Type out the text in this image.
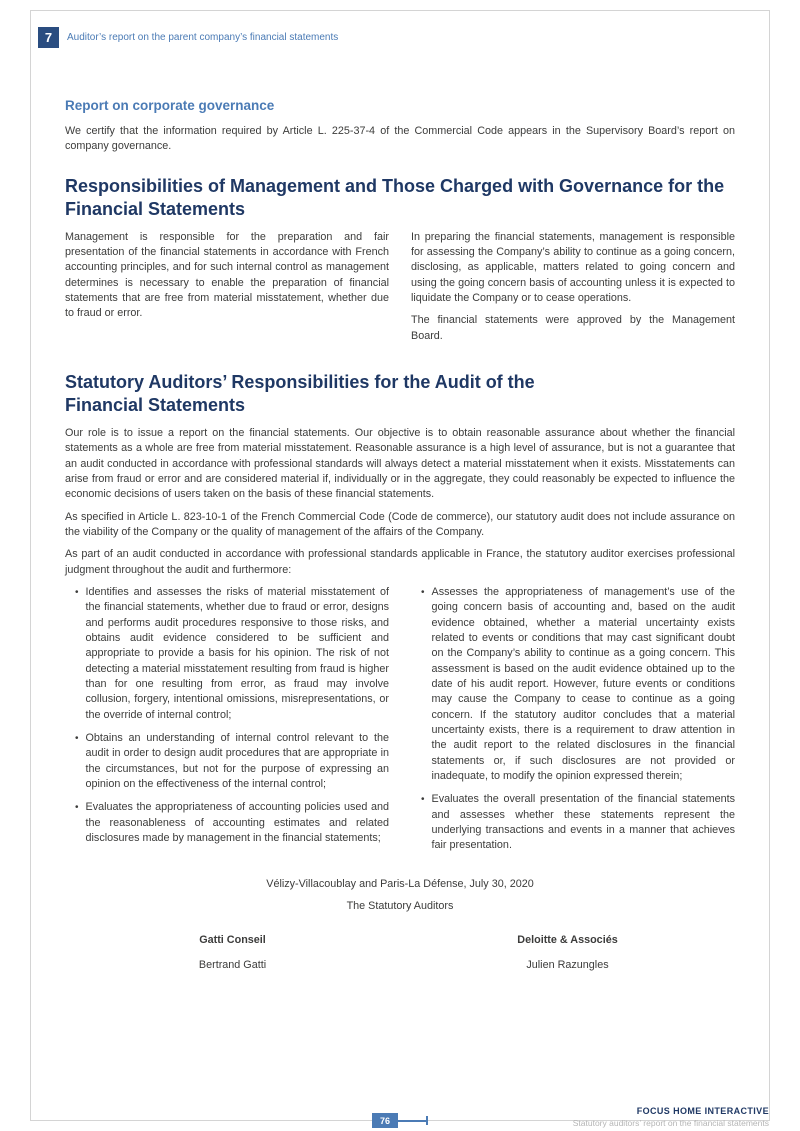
7	Auditor’s report on the parent company’s financial statements
Report on corporate governance

We certify that the information required by Article L. 225-37-4 of the Commercial Code appears in the Supervisory Board’s report on company governance.

Responsibilities of Management and Those Charged with Governance for the Financial Statements

Management is responsible for the preparation and fair presentation of the financial statements in accordance with French accounting principles, and for such internal control as management determines is necessary to enable the preparation of financial statements that are free from material misstatement, whether due to fraud or error.

In preparing the financial statements, management is responsible for assessing the Company’s ability to continue as a going concern, disclosing, as applicable, matters related to going concern and using the going concern basis of accounting unless it is expected to liquidate the Company or to cease operations.

The financial statements were approved by the Management Board.

Statutory Auditors’ Responsibilities for the Audit of the Financial Statements

Our role is to issue a report on the financial statements. Our objective is to obtain reasonable assurance about whether the financial statements as a whole are free from material misstatement. Reasonable assurance is a high level of assurance, but is not a guarantee that an audit conducted in accordance with professional standards will always detect a material misstatement when it exists. Misstatements can arise from fraud or error and are considered material if, individually or in the aggregate, they could reasonably be expected to influence the economic decisions of users taken on the basis of these financial statements.

As specified in Article L. 823-10-1 of the French Commercial Code (Code de commerce), our statutory audit does not include assurance on the viability of the Company or the quality of management of the affairs of the Company.

As part of an audit conducted in accordance with professional standards applicable in France, the statutory auditor exercises professional judgment throughout the audit and furthermore:

• Identifies and assesses the risks of material misstatement of the financial statements, whether due to fraud or error, designs and performs audit procedures responsive to those risks, and obtains audit evidence considered to be sufficient and appropriate to provide a basis for his opinion. The risk of not detecting a material misstatement resulting from fraud is higher than for one resulting from error, as fraud may involve collusion, forgery, intentional omissions, misrepresentations, or the override of internal control;

• Obtains an understanding of internal control relevant to the audit in order to design audit procedures that are appropriate in the circumstances, but not for the purpose of expressing an opinion on the effectiveness of the internal control;

• Evaluates the appropriateness of accounting policies used and the reasonableness of accounting estimates and related disclosures made by management in the financial statements;

• Assesses the appropriateness of management’s use of the going concern basis of accounting and, based on the audit evidence obtained, whether a material uncertainty exists related to events or conditions that may cast significant doubt on the Company’s ability to continue as a going concern. This assessment is based on the audit evidence obtained up to the date of his audit report. However, future events or conditions may cause the Company to cease to continue as a going concern. If the statutory auditor concludes that a material uncertainty exists, there is a requirement to draw attention in the audit report to the related disclosures in the financial statements or, if such disclosures are not provided or inadequate, to modify the opinion expressed therein;

• Evaluates the overall presentation of the financial statements and assesses whether these statements represent the underlying transactions and events in a manner that achieves fair presentation.

Vélizy-Villacoublay and Paris-La Défense, July 30, 2020

The Statutory Auditors

Gatti Conseil

Bertrand Gatti

Deloitte & Associés

Julien Razungles

76
FOCUS HOME INTERACTIVE
Statutory auditors’ report on the financial statements
